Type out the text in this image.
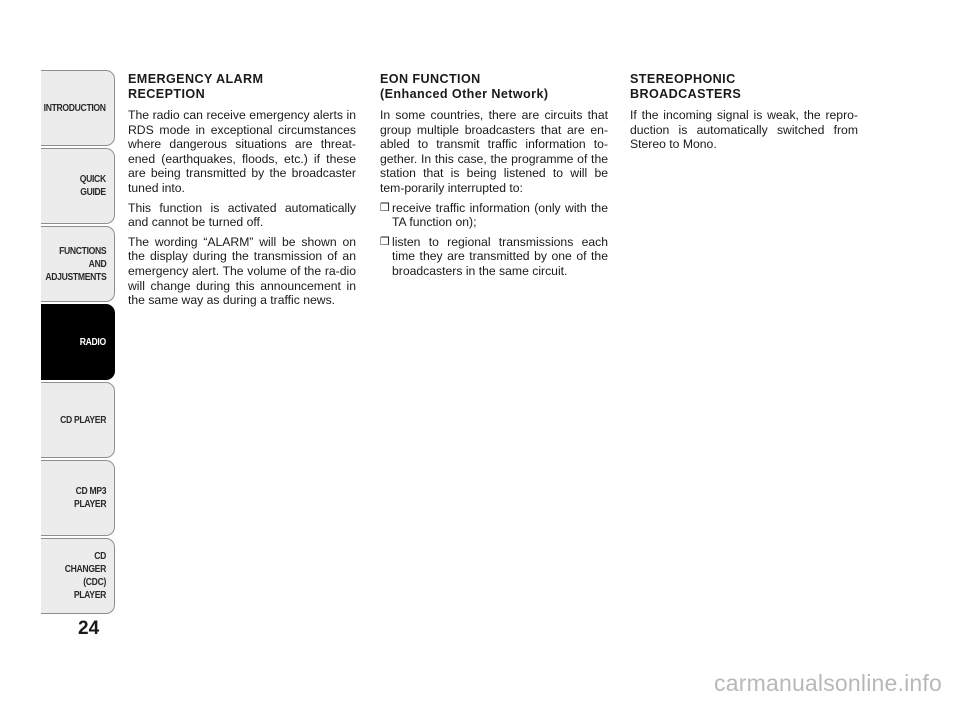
INTRODUCTION
QUICK
GUIDE
FUNCTIONS
AND
ADJUSTMENTS
RADIO
CD PLAYER
CD MP3
PLAYER
CD CHANGER
(CDC) PLAYER
24
EMERGENCY ALARM
RECEPTION

The radio can receive emergency alerts in RDS mode in exceptional circumstances where dangerous situations are threat-ened (earthquakes, floods, etc.) if these are being transmitted by the broadcaster tuned into.

This function is activated automatically and cannot be turned off.

The wording “ALARM” will be shown on the display during the transmission of an emergency alert. The volume of the ra-dio will change during this announcement in the same way as during a traffic news.

EON FUNCTION
(Enhanced Other Network)

In some countries, there are circuits that group multiple broadcasters that are en-abled to transmit traffic information to-gether. In this case, the programme of the station that is being listened to will be tem-porarily interrupted to:

❒ receive traffic information (only with the TA function on);
❒ listen to regional transmissions each time they are transmitted by one of the broadcasters in the same circuit.
STEREOPHONIC
BROADCASTERS

If the incoming signal is weak, the repro-duction is automatically switched from Stereo to Mono.

carmanualsonline.info
